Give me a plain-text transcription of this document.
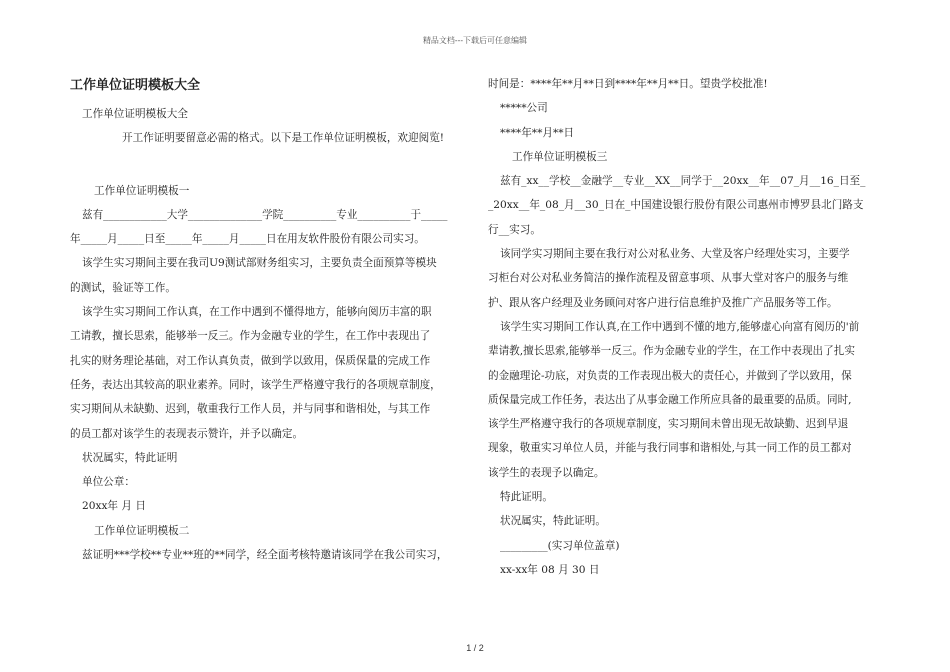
精品文档---下载后可任意编辑
工作单位证明模板大全
工作单位证明模板大全
开工作证明要留意必需的格式。以下是工作单位证明模板，欢迎阅览!
工作单位证明模板一
兹有____________大学______________学院__________专业__________于_____
年_____月_____日至_____年_____月_____日在用友软件股份有限公司实习。
该学生实习期间主要在我司U9测试部财务组实习，主要负责全面预算等模块
的测试，验证等工作。
该学生实习期间工作认真，在工作中遇到不懂得地方，能够向阅历丰富的职
工请教，擅长思索，能够举一反三。作为金融专业的学生，在工作中表现出了
扎实的财务理论基础，对工作认真负责，做到学以致用，保质保量的完成工作
任务，表达出其较高的职业素养。同时，该学生严格遵守我行的各项规章制度，
实习期间从未缺勤、迟到，敬重我行工作人员，并与同事和谐相处，与其工作
的员工都对该学生的表现表示赞许，并予以确定。
状况属实，特此证明
单位公章：
20xx年 月 日
工作单位证明模板二
兹证明***学校**专业**班的**同学，经全面考核特邀请该同学在我公司实习，
时间是：****年**月**日到****年**月**日。望贵学校批准!
*****公司
****年**月**日
工作单位证明模板三
兹有_xx__学校__金融学__专业__XX__同学于__20xx__年__07_月__16_日至_
_20xx__年_08_月__30_日在_中国建设银行股份有限公司惠州市博罗县北门路支
行__实习。
该同学实习期间主要在我行对公对私业务、大堂及客户经理处实习，主要学
习柜台对公对私业务简洁的操作流程及留意事项、从事大堂对客户的服务与维
护、跟从客户经理及业务顾问对客户进行信息维护及推广产品服务等工作。
该学生实习期间工作认真,在工作中遇到不懂的地方,能够虚心向富有阅历的'前
辈请教,擅长思索,能够举一反三。作为金融专业的学生，在工作中表现出了扎实
的金融理论-功底，对负责的工作表现出极大的责任心，并做到了学以致用，保
质保量完成工作任务，表达出了从事金融工作所应具备的最重要的品质。同时,
该学生严格遵守我行的各项规章制度，实习期间未曾出现无故缺勤、迟到早退
现象，敬重实习单位人员，并能与我行同事和谐相处,与其一同工作的员工都对
该学生的表现予以确定。
特此证明。
状况属实，特此证明。
_________(实习单位盖章)
xx-xx年 08 月 30 日
1 / 2
